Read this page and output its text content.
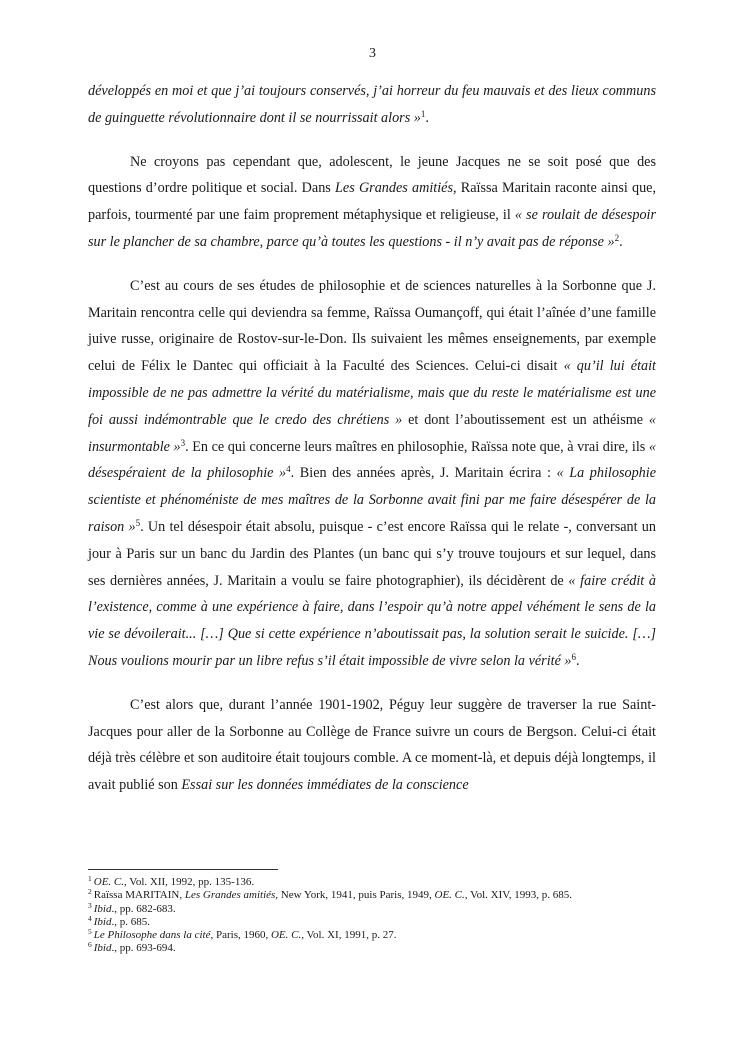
3

développés en moi et que j’ai toujours conservés, j’ai horreur du feu mauvais et des lieux communs de guinguette révolutionnaire dont il se nourrissait alors »$^1$.

Ne croyons pas cependant que, adolescent, le jeune Jacques ne se soit posé que des questions d’ordre politique et social. Dans Les Grandes amitiés, Raïssa Maritain raconte ainsi que, parfois, tourmenté par une faim proprement métaphysique et religieuse, il « se roulait de désespoir sur le plancher de sa chambre, parce qu’à toutes les questions - il n’y avait pas de réponse »$^2$.

C’est au cours de ses études de philosophie et de sciences naturelles à la Sorbonne que J. Maritain rencontra celle qui deviendra sa femme, Raïssa Oumançoff, qui était l’aînée d’une famille juive russe, originaire de Rostov-sur-le-Don. Ils suivaient les mêmes enseignements, par exemple celui de Félix le Dantec qui officiait à la Faculté des Sciences. Celui-ci disait « qu’il lui était impossible de ne pas admettre la vérité du matérialisme, mais que du reste le matérialisme est une foi aussi indémontrable que le credo des chrétiens » et dont l’aboutissement est un athéisme « insurmontable »$^3$. En ce qui concerne leurs maîtres en philosophie, Raïssa note que, à vrai dire, ils « désespéraient de la philosophie »$^4$. Bien des années après, J. Maritain écrira : « La philosophie scientiste et phénoméniste de mes maîtres de la Sorbonne avait fini par me faire désespérer de la raison »$^5$. Un tel désespoir était absolu, puisque - c’est encore Raïssa qui le relate -, conversant un jour à Paris sur un banc du Jardin des Plantes (un banc qui s’y trouve toujours et sur lequel, dans ses dernières années, J. Maritain a voulu se faire photographier), ils décidèrent de « faire crédit à l’existence, comme à une expérience à faire, dans l’espoir qu’à notre appel véhément le sens de la vie se dévoilerait... […] Que si cette expérience n’aboutissait pas, la solution serait le suicide. […] Nous voulions mourir par un libre refus s’il était impossible de vivre selon la vérité »$^6$.

C’est alors que, durant l’année 1901-1902, Péguy leur suggère de traverser la rue Saint-Jacques pour aller de la Sorbonne au Collège de France suivre un cours de Bergson. Celui-ci était déjà très célèbre et son auditoire était toujours comble. A ce moment-là, et depuis déjà longtemps, il avait publié son Essai sur les données immédiates de la conscience

$^1$ OE. C., Vol. XII, 1992, pp. 135-136.
$^2$ Raïssa MARITAIN, Les Grandes amitiés, New York, 1941, puis Paris, 1949, OE. C., Vol. XIV, 1993, p. 685.
$^3$ Ibid., pp. 682-683.
$^4$ Ibid., p. 685.
$^5$ Le Philosophe dans la cité, Paris, 1960, OE. C., Vol. XI, 1991, p. 27.
$^6$ Ibid., pp. 693-694.
